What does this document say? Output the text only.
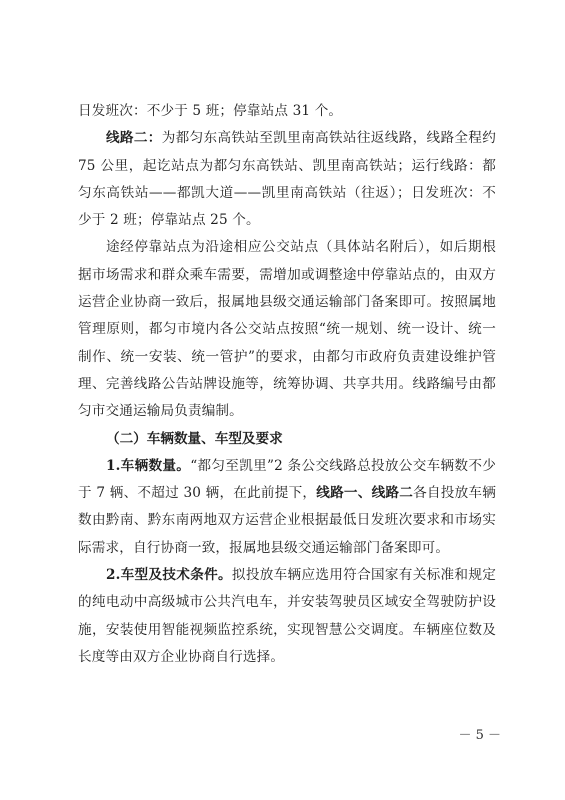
日发班次：不少于 5 班；停靠站点 31 个。

线路二：为都匀东高铁站至凯里南高铁站往返线路，线路全程约 75 公里，起讫站点为都匀东高铁站、凯里南高铁站；运行线路：都匀东高铁站——都凯大道——凯里南高铁站（往返）；日发班次：不少于 2 班；停靠站点 25 个。

途经停靠站点为沿途相应公交站点（具体站名附后），如后期根据市场需求和群众乘车需要，需增加或调整途中停靠站点的，由双方运营企业协商一致后，报属地县级交通运输部门备案即可。按照属地管理原则，都匀市境内各公交站点按照“统一规划、统一设计、统一制作、统一安装、统一管护”的要求，由都匀市政府负责建设维护管理、完善线路公告站牌设施等，统筹协调、共享共用。线路编号由都匀市交通运输局负责编制。

（二）车辆数量、车型及要求

1.车辆数量。“都匀至凯里”2 条公交线路总投放公交车辆数不少于 7 辆、不超过 30 辆，在此前提下，线路一、线路二各自投放车辆数由黔南、黔东南两地双方运营企业根据最低日发班次要求和市场实际需求，自行协商一致，报属地县级交通运输部门备案即可。

2.车型及技术条件。拟投放车辆应选用符合国家有关标准和规定的纯电动中高级城市公共汽电车，并安装驾驶员区域安全驾驶防护设施，安装使用智能视频监控系统，实现智慧公交调度。车辆座位数及长度等由双方企业协商自行选择。

－ 5 －
